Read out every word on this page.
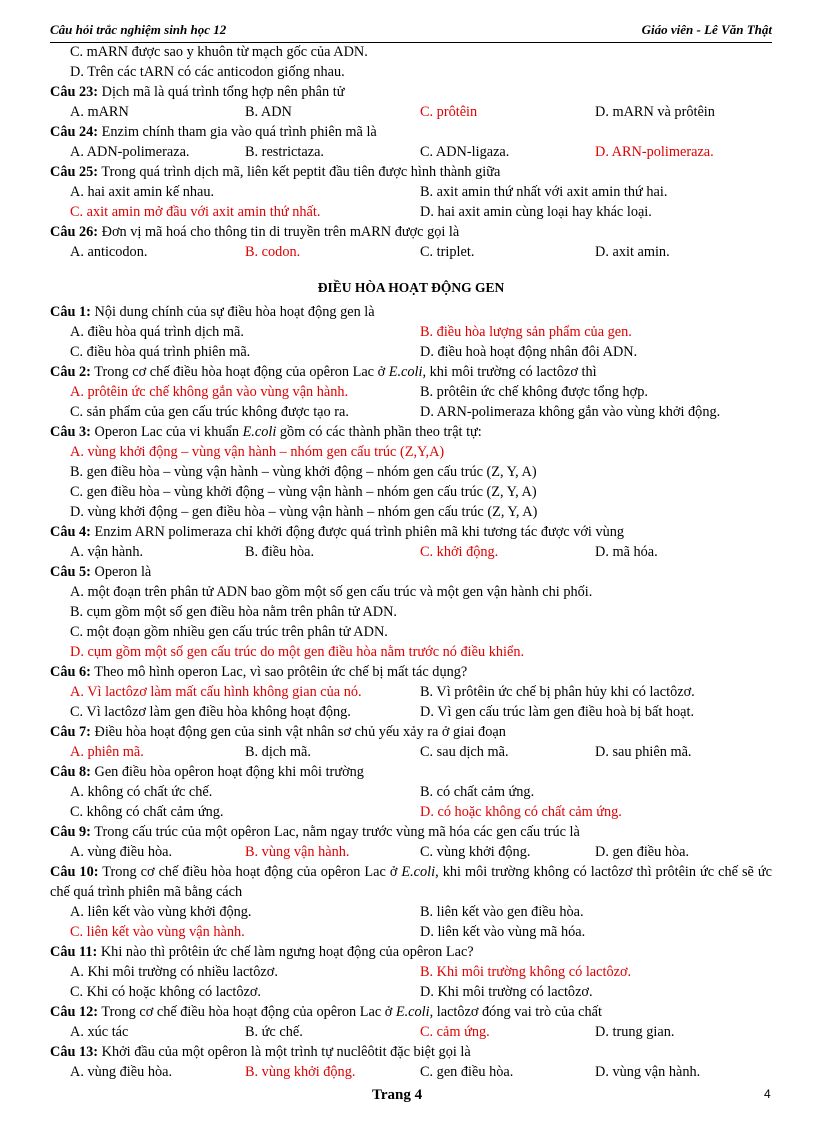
Câu hỏi trắc nghiệm sinh học 12	Giáo viên - Lê Văn Thật
C. mARN được sao y khuôn từ mạch gốc của ADN.
D. Trên các tARN có các anticodon giống nhau.
Câu 23: Dịch mã là quá trình tổng hợp nên phân tử
A. mARN	B. ADN	C. prôtêin	D. mARN và prôtêin
Câu 24: Enzim chính tham gia vào quá trình phiên mã là
A. ADN-polimeraza.	B. restrictaza.	C. ADN-ligaza.	D. ARN-polimeraza.
Câu 25: Trong quá trình dịch mã, liên kết peptit đầu tiên được hình thành giữa
A. hai axit amin kế nhau.	B. axit amin thứ nhất với axit amin thứ hai.
C. axit amin mở đầu với axit amin thứ nhất.	D. hai axit amin cùng loại hay khác loại.
Câu 26: Đơn vị mã hoá cho thông tin di truyền trên mARN được gọi là
A. anticodon.	B. codon.	C. triplet.	D. axit amin.
ĐIỀU HÒA HOẠT ĐỘNG GEN
Câu 1: Nội dung chính của sự điều hòa hoạt động gen là
A. điều hòa quá trình dịch mã.	B. điều hòa lượng sản phẩm của gen.
C. điều hòa quá trình phiên mã.	D. điều hoà hoạt động nhân đôi ADN.
Câu 2: Trong cơ chế điều hòa hoạt động của opêron Lac ở E.coli, khi môi trường có lactôzơ thì
A. prôtêin ức chế không gắn vào vùng vận hành.	B. prôtêin ức chế không được tổng hợp.
C. sản phẩm của gen cấu trúc không được tạo ra.	D. ARN-polimeraza không gắn vào vùng khởi động.
Câu 3: Operon Lac của vi khuẩn E.coli gồm có các thành phần theo trật tự:
A. vùng khởi động – vùng vận hành – nhóm gen cấu trúc (Z,Y,A)
B. gen điều hòa – vùng vận hành – vùng khởi động – nhóm gen cấu trúc (Z, Y, A)
C. gen điều hòa – vùng khởi động – vùng vận hành – nhóm gen cấu trúc (Z, Y, A)
D. vùng khởi động – gen điều hòa – vùng vận hành – nhóm gen cấu trúc (Z, Y, A)
Câu 4: Enzim ARN polimeraza chỉ khởi động được quá trình phiên mã khi tương tác được với vùng
A. vận hành.	B. điều hòa.	C. khởi động.	D. mã hóa.
Câu 5: Operon là
A. một đoạn trên phân tử ADN bao gồm một số gen cấu trúc và một gen vận hành chi phối.
B. cụm gồm một số gen điều hòa nằm trên phân tử ADN.
C. một đoạn gồm nhiều gen cấu trúc trên phân tử ADN.
D. cụm gồm một số gen cấu trúc do một gen điều hòa nằm trước nó điều khiển.
Câu 6: Theo mô hình operon Lac, vì sao prôtêin ức chế bị mất tác dụng?
A. Vì lactôzơ làm mất cấu hình không gian của nó.	B. Vì prôtêin ức chế bị phân hủy khi có lactôzơ.
C. Vì lactôzơ làm gen điều hòa không hoạt động.	D. Vì gen cấu trúc làm gen điều hoà bị bất hoạt.
Câu 7: Điều hòa hoạt động gen của sinh vật nhân sơ chủ yếu xảy ra ở giai đoạn
A. phiên mã.	B. dịch mã.	C. sau dịch mã.	D. sau phiên mã.
Câu 8: Gen điều hòa opêron hoạt động khi môi trường
A. không có chất ức chế.	B. có chất cảm ứng.
C. không có chất cảm ứng.	D. có hoặc không có chất cảm ứng.
Câu 9: Trong cấu trúc của một opêron Lac, nằm ngay trước vùng mã hóa các gen cấu trúc là
A. vùng điều hòa.	B. vùng vận hành.	C. vùng khởi động.	D. gen điều hòa.
Câu 10: Trong cơ chế điều hòa hoạt động của opêron Lac ở E.coli, khi môi trường không có lactôzơ thì prôtêin ức chế sẽ ức chế quá trình phiên mã bằng cách
A. liên kết vào vùng khởi động.	B. liên kết vào gen điều hòa.
C. liên kết vào vùng vận hành.	D. liên kết vào vùng mã hóa.
Câu 11: Khi nào thì prôtêin ức chế làm ngưng hoạt động của opêron Lac?
A. Khi môi trường có nhiều lactôzơ.	B. Khi môi trường không có lactôzơ.
C. Khi có hoặc không có lactôzơ.	D. Khi môi trường có lactôzơ.
Câu 12: Trong cơ chế điều hòa hoạt động của opêron Lac ở E.coli, lactôzơ đóng vai trò của chất
A. xúc tác	B. ức chế.	C. cảm ứng.	D. trung gian.
Câu 13: Khởi đầu của một opêron là một trình tự nuclêôtit đặc biệt gọi là
A. vùng điều hòa.	B. vùng khởi động.	C. gen điều hòa.	D. vùng vận hành.
Trang 4	4
